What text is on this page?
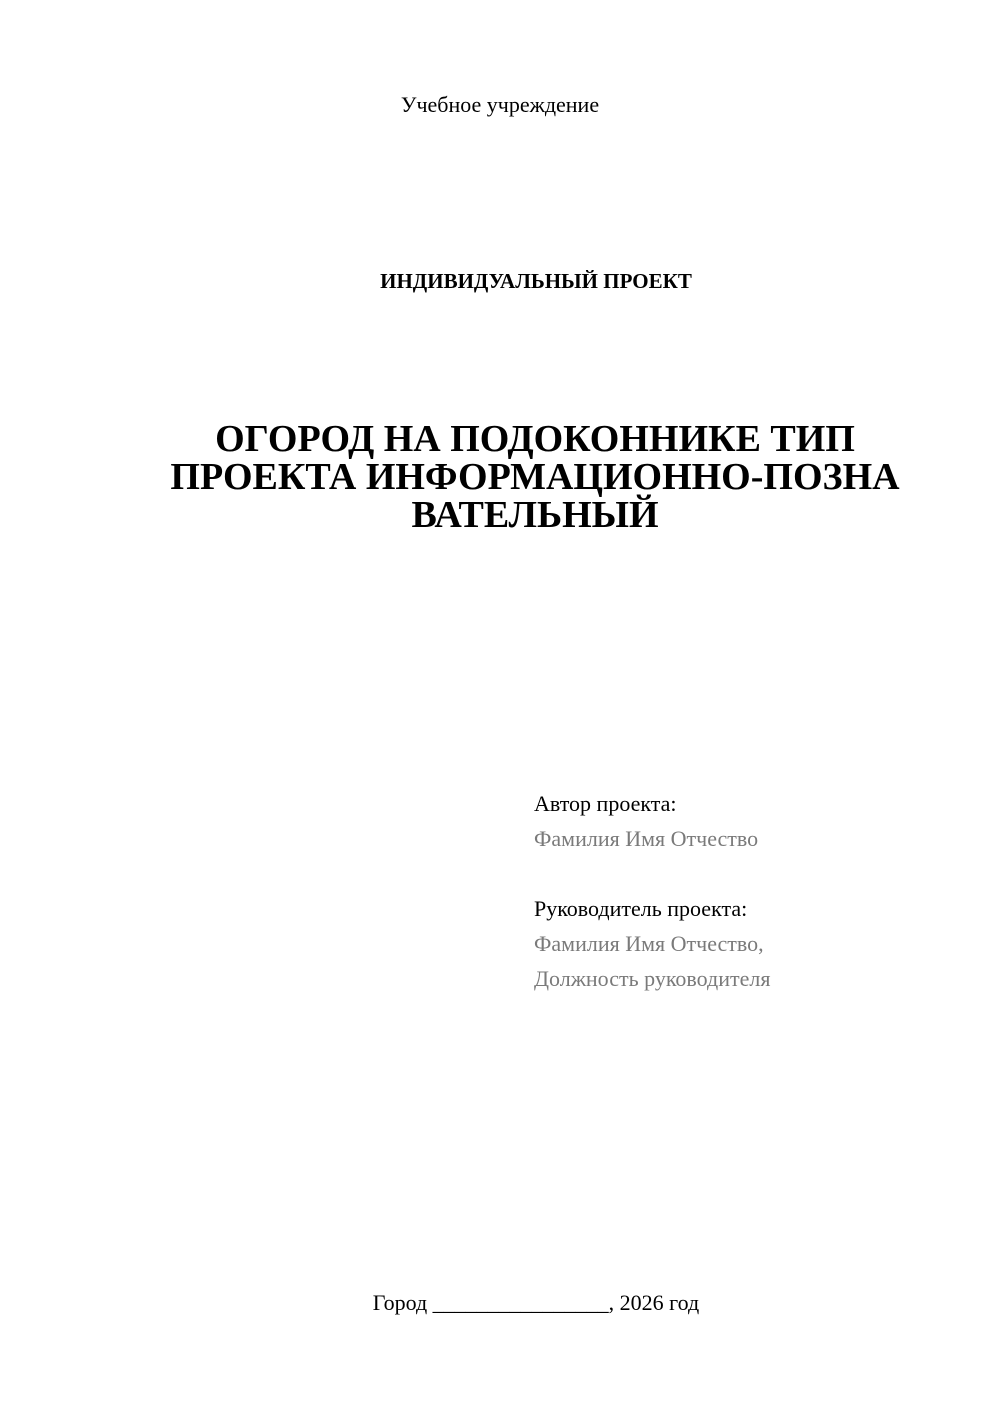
Учебное учреждение
ИНДИВИДУАЛЬНЫЙ ПРОЕКТ
ОГОРОД НА ПОДОКОННИКЕ ТИП
ПРОЕКТА ИНФОРМАЦИОННО-ПОЗНА
ВАТЕЛЬНЫЙ
Автор проекта:
Фамилия Имя Отчество
Руководитель проекта:
Фамилия Имя Отчество,
Должность руководителя
Город ________________, 2026 год
